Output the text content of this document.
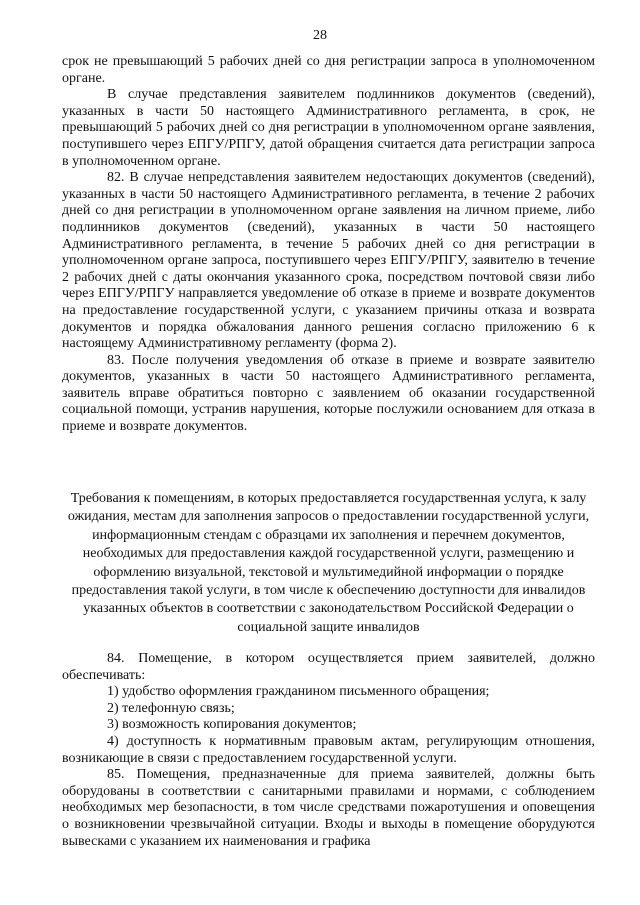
28

срок не превышающий 5 рабочих дней со дня регистрации запроса в уполномоченном органе.

В случае представления заявителем подлинников документов (сведений), указанных в части 50 настоящего Административного регламента, в срок, не превышающий 5 рабочих дней со дня регистрации в уполномоченном органе заявления, поступившего через ЕПГУ/РПГУ, датой обращения считается дата регистрации запроса в уполномоченном органе.

82. В случае непредставления заявителем недостающих документов (сведений), указанных в части 50 настоящего Административного регламента, в течение 2 рабочих дней со дня регистрации в уполномоченном органе заявления на личном приеме, либо подлинников документов (сведений), указанных в части 50 настоящего Административного регламента, в течение 5 рабочих дней со дня регистрации в уполномоченном органе запроса, поступившего через ЕПГУ/РПГУ, заявителю в течение 2 рабочих дней с даты окончания указанного срока, посредством почтовой связи либо через ЕПГУ/РПГУ направляется уведомление об отказе в приеме и возврате документов на предоставление государственной услуги, с указанием причины отказа и возврата документов и порядка обжалования данного решения согласно приложению 6 к настоящему Административному регламенту (форма 2).

83. После получения уведомления об отказе в приеме и возврате заявителю документов, указанных в части 50 настоящего Административного регламента, заявитель вправе обратиться повторно с заявлением об оказании государственной социальной помощи, устранив нарушения, которые послужили основанием для отказа в приеме и возврате документов.

Требования к помещениям, в которых предоставляется государственная услуга, к залу ожидания, местам для заполнения запросов о предоставлении государственной услуги, информационным стендам с образцами их заполнения и перечнем документов, необходимых для предоставления каждой государственной услуги, размещению и оформлению визуальной, текстовой и мультимедийной информации о порядке предоставления такой услуги, в том числе к обеспечению доступности для инвалидов указанных объектов в соответствии с законодательством Российской Федерации о социальной защите инвалидов

84. Помещение, в котором осуществляется прием заявителей, должно обеспечивать:

1) удобство оформления гражданином письменного обращения;

2) телефонную связь;

3) возможность копирования документов;

4) доступность к нормативным правовым актам, регулирующим отношения, возникающие в связи с предоставлением государственной услуги.

85. Помещения, предназначенные для приема заявителей, должны быть оборудованы в соответствии с санитарными правилами и нормами, с соблюдением необходимых мер безопасности, в том числе средствами пожаротушения и оповещения о возникновении чрезвычайной ситуации. Входы и выходы в помещение оборудуются вывесками с указанием их наименования и графика
